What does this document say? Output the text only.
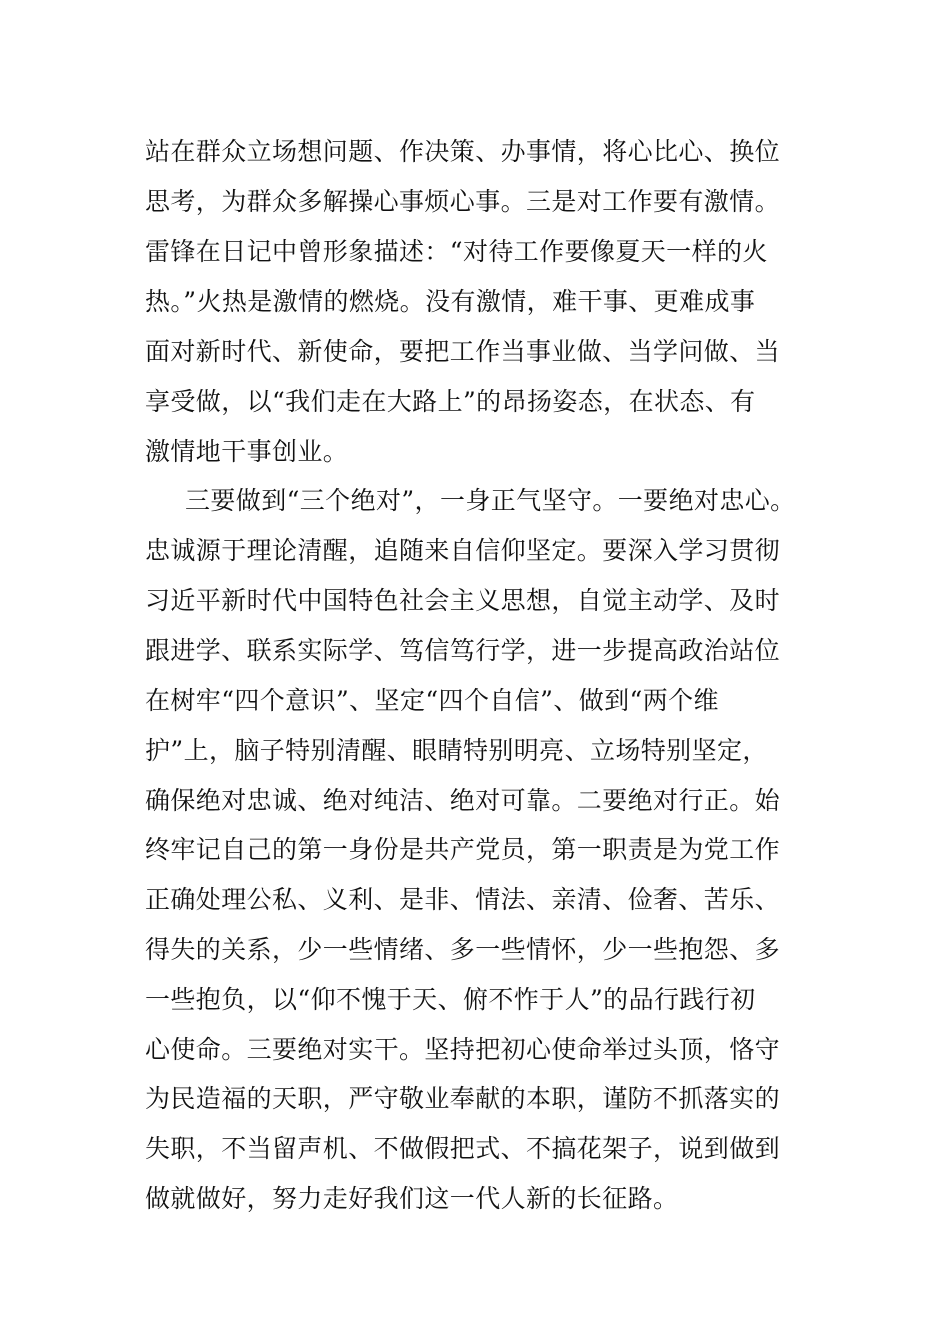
站在群众立场想问题、作决策、办事情，将心比心、换位
思考，为群众多解操心事烦心事。三是对工作要有激情。
雷锋在日记中曾形象描述：“对待工作要像夏天一样的火
热。”火热是激情的燃烧。没有激情，难干事、更难成事
面对新时代、新使命，要把工作当事业做、当学问做、当
享受做，以“我们走在大路上”的昂扬姿态，在状态、有
激情地干事创业。
三要做到“三个绝对”，一身正气坚守。一要绝对忠心。
忠诚源于理论清醒，追随来自信仰坚定。要深入学习贯彻
习近平新时代中国特色社会主义思想，自觉主动学、及时
跟进学、联系实际学、笃信笃行学，进一步提高政治站位
在树牢“四个意识”、坚定“四个自信”、做到“两个维
护”上，脑子特别清醒、眼睛特别明亮、立场特别坚定，
确保绝对忠诚、绝对纯洁、绝对可靠。二要绝对行正。始
终牢记自己的第一身份是共产党员，第一职责是为党工作
正确处理公私、义利、是非、情法、亲清、俭奢、苦乐、
得失的关系，少一些情绪、多一些情怀，少一些抱怨、多
一些抱负，以“仰不愧于天、俯不怍于人”的品行践行初
心使命。三要绝对实干。坚持把初心使命举过头顶，恪守
为民造福的天职，严守敬业奉献的本职，谨防不抓落实的
失职，不当留声机、不做假把式、不搞花架子，说到做到
做就做好，努力走好我们这一代人新的长征路。
